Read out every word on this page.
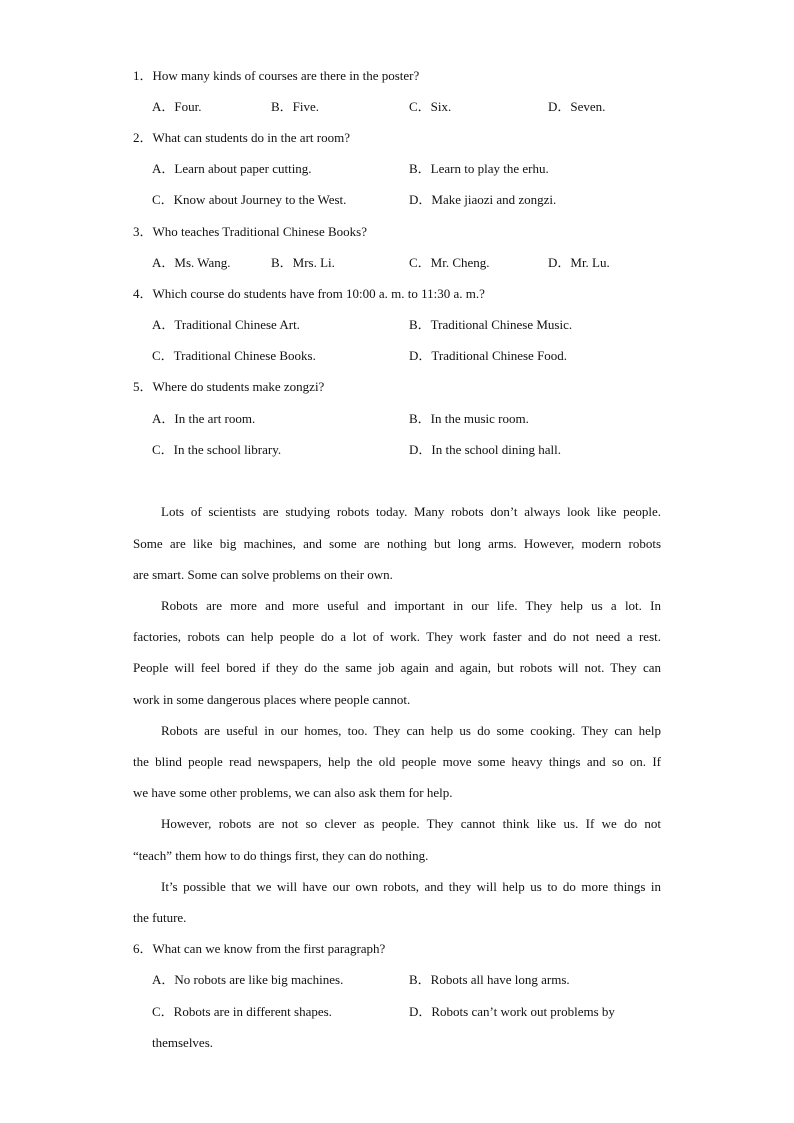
1．How many kinds of courses are there in the poster?
A．Four.	B．Five.	C．Six.	D．Seven.
2．What can students do in the art room?
A．Learn about paper cutting.	B．Learn to play the erhu.
C．Know about Journey to the West.	D．Make jiaozi and zongzi.
3．Who teaches Traditional Chinese Books?
A．Ms. Wang.	B．Mrs. Li.	C．Mr. Cheng.	D．Mr. Lu.
4．Which course do students have from 10:00 a. m. to 11:30 a. m.?
A．Traditional Chinese Art.	B．Traditional Chinese Music.
C．Traditional Chinese Books.	D．Traditional Chinese Food.
5．Where do students make zongzi?
A．In the art room.	B．In the music room.
C．In the school library.	D．In the school dining hall.
Lots of scientists are studying robots today. Many robots don’t always look like people.
Some are like big machines, and some are nothing but long arms. However, modern robots
are smart. Some can solve problems on their own.
Robots are more and more useful and important in our life. They help us a lot. In
factories, robots can help people do a lot of work. They work faster and do not need a rest.
People will feel bored if they do the same job again and again, but robots will not. They can
work in some dangerous places where people cannot.
Robots are useful in our homes, too. They can help us do some cooking. They can help
the blind people read newspapers, help the old people move some heavy things and so on. If
we have some other problems, we can also ask them for help.
However, robots are not so clever as people. They cannot think like us. If we do not
“teach” them how to do things first, they can do nothing.
It’s possible that we will have our own robots, and they will help us to do more things in
the future.
6．What can we know from the first paragraph?
A．No robots are like big machines.	B．Robots all have long arms.
C．Robots are in different shapes.	D．Robots can’t work out problems by
themselves.
